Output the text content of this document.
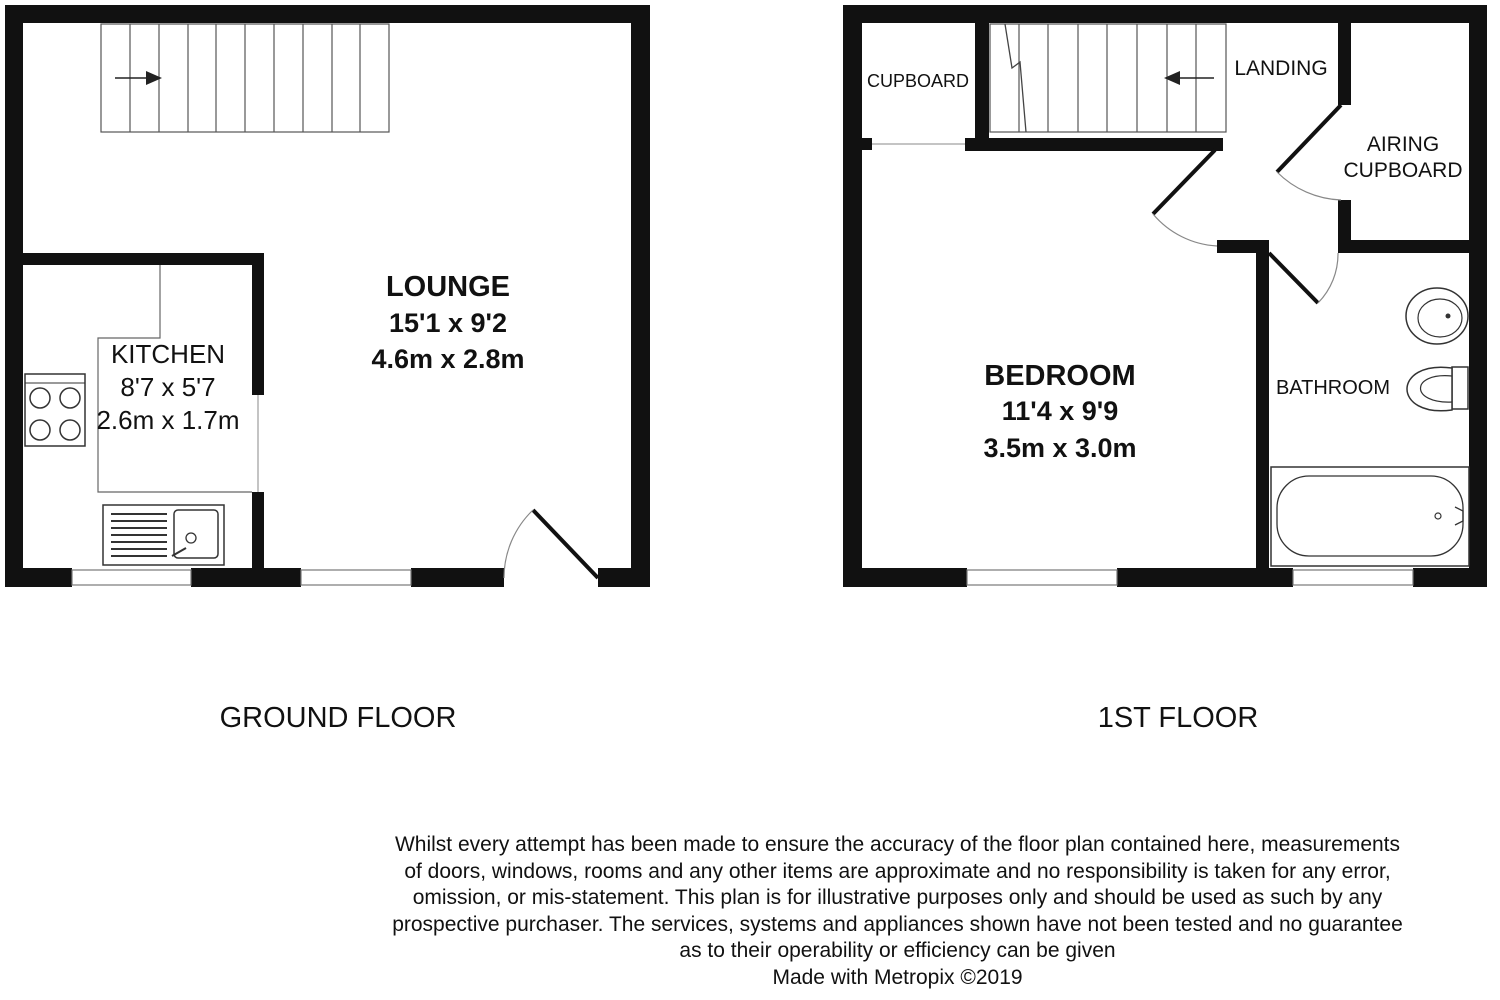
LOUNGE
15'1 x 9'2
4.6m x 2.8m
KITCHEN
8'7 x 5'7
2.6m x 1.7m
GROUND FLOOR
BEDROOM
11'4 x 9'9
3.5m x 3.0m
CUPBOARD
LANDING
AIRING
CUPBOARD
BATHROOM
1ST FLOOR
Whilst every attempt has been made to ensure the accuracy of the floor plan contained here, measurements
of doors, windows, rooms and any other items are approximate and no responsibility is taken for any error,
omission, or mis-statement. This plan is for illustrative purposes only and should be used as such by any
prospective purchaser. The services, systems and appliances shown have not been tested and no guarantee
as to their operability or efficiency can be given
Made with Metropix ©2019
